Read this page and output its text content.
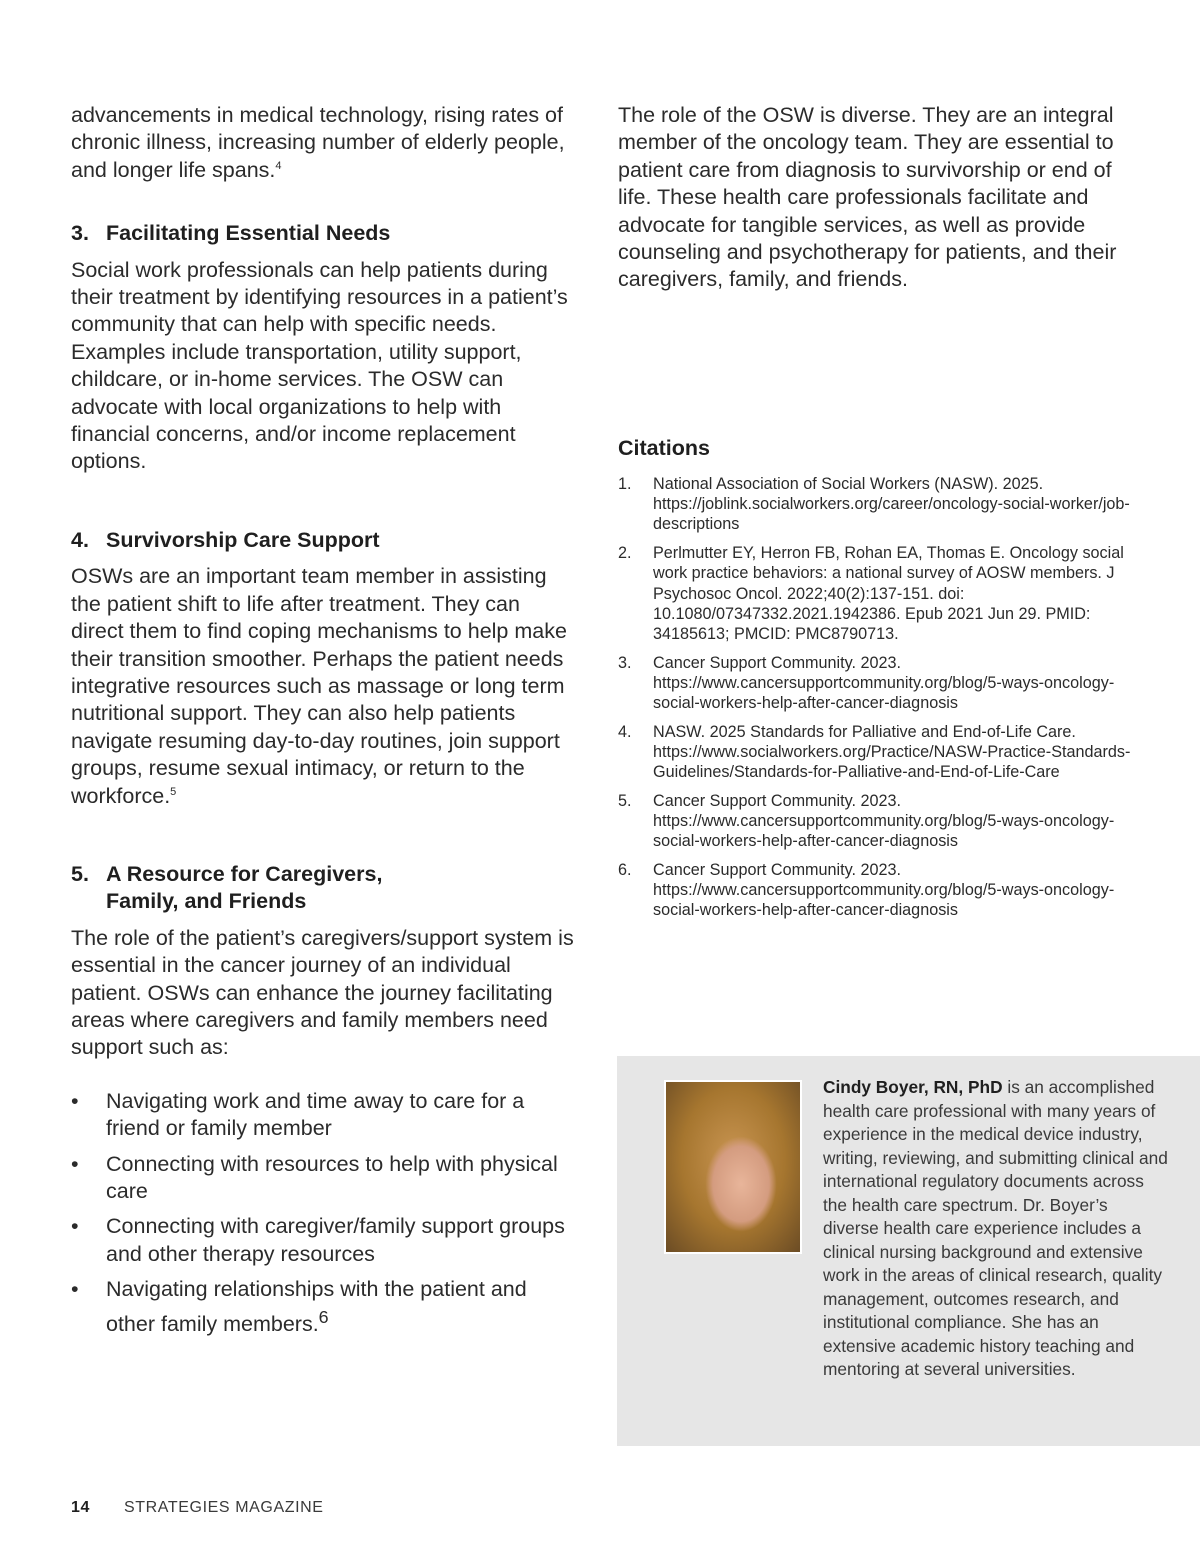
advancements in medical technology, rising rates of chronic illness, increasing number of elderly people, and longer life spans.$^4$

3. Facilitating Essential Needs

Social work professionals can help patients during their treatment by identifying resources in a patient’s community that can help with specific needs. Examples include transportation, utility support, childcare, or in-home services. The OSW can advocate with local organizations to help with financial concerns, and/or income replacement options.

4. Survivorship Care Support

OSWs are an important team member in assisting the patient shift to life after treatment. They can direct them to find coping mechanisms to help make their transition smoother. Perhaps the patient needs integrative resources such as massage or long term nutritional support. They can also help patients navigate resuming day-to-day routines, join support groups, resume sexual intimacy, or return to the workforce.$^5$

5. A Resource for Caregivers,
Family, and Friends

The role of the patient’s caregivers/support system is essential in the cancer journey of an individual patient. OSWs can enhance the journey facilitating areas where caregivers and family members need support such as:

•	Navigating work and time away to care for a friend or family member
•	Connecting with resources to help with physical care
•	Connecting with caregiver/family support groups and other therapy resources
•	Navigating relationships with the patient and other family members.$^6$

The role of the OSW is diverse. They are an integral member of the oncology team. They are essential to patient care from diagnosis to survivorship or end of life. These health care professionals facilitate and advocate for tangible services, as well as provide counseling and psychotherapy for patients, and their caregivers, family, and friends.

Citations
1.	National Association of Social Workers (NASW). 2025. https://joblink.socialworkers.org/career/oncology-social-worker/job-descriptions
2.	Perlmutter EY, Herron FB, Rohan EA, Thomas E. Oncology social work practice behaviors: a national survey of AOSW members. J Psychosoc Oncol. 2022;40(2):137-151. doi: 10.1080/07347332.2021.1942386. Epub 2021 Jun 29. PMID: 34185613; PMCID: PMC8790713.
3.	Cancer Support Community. 2023. https://www.cancersupportcommunity.org/blog/5-ways-oncology-social-workers-help-after-cancer-diagnosis
4.	NASW. 2025 Standards for Palliative and End-of-Life Care. https://www.socialworkers.org/Practice/NASW-Practice-Standards-Guidelines/Standards-for-Palliative-and-End-of-Life-Care
5.	Cancer Support Community. 2023. https://www.cancersupportcommunity.org/blog/5-ways-oncology-social-workers-help-after-cancer-diagnosis
6.	Cancer Support Community. 2023. https://www.cancersupportcommunity.org/blog/5-ways-oncology-social-workers-help-after-cancer-diagnosis

Cindy Boyer, RN, PhD is an accomplished health care professional with many years of experience in the medical device industry, writing, reviewing, and submitting clinical and international regulatory documents across the health care spectrum. Dr. Boyer’s diverse health care experience includes a clinical nursing background and extensive work in the areas of clinical research, quality management, outcomes research, and institutional compliance. She has an extensive academic history teaching and mentoring at several universities.

14 STRATEGIES MAGAZINE
